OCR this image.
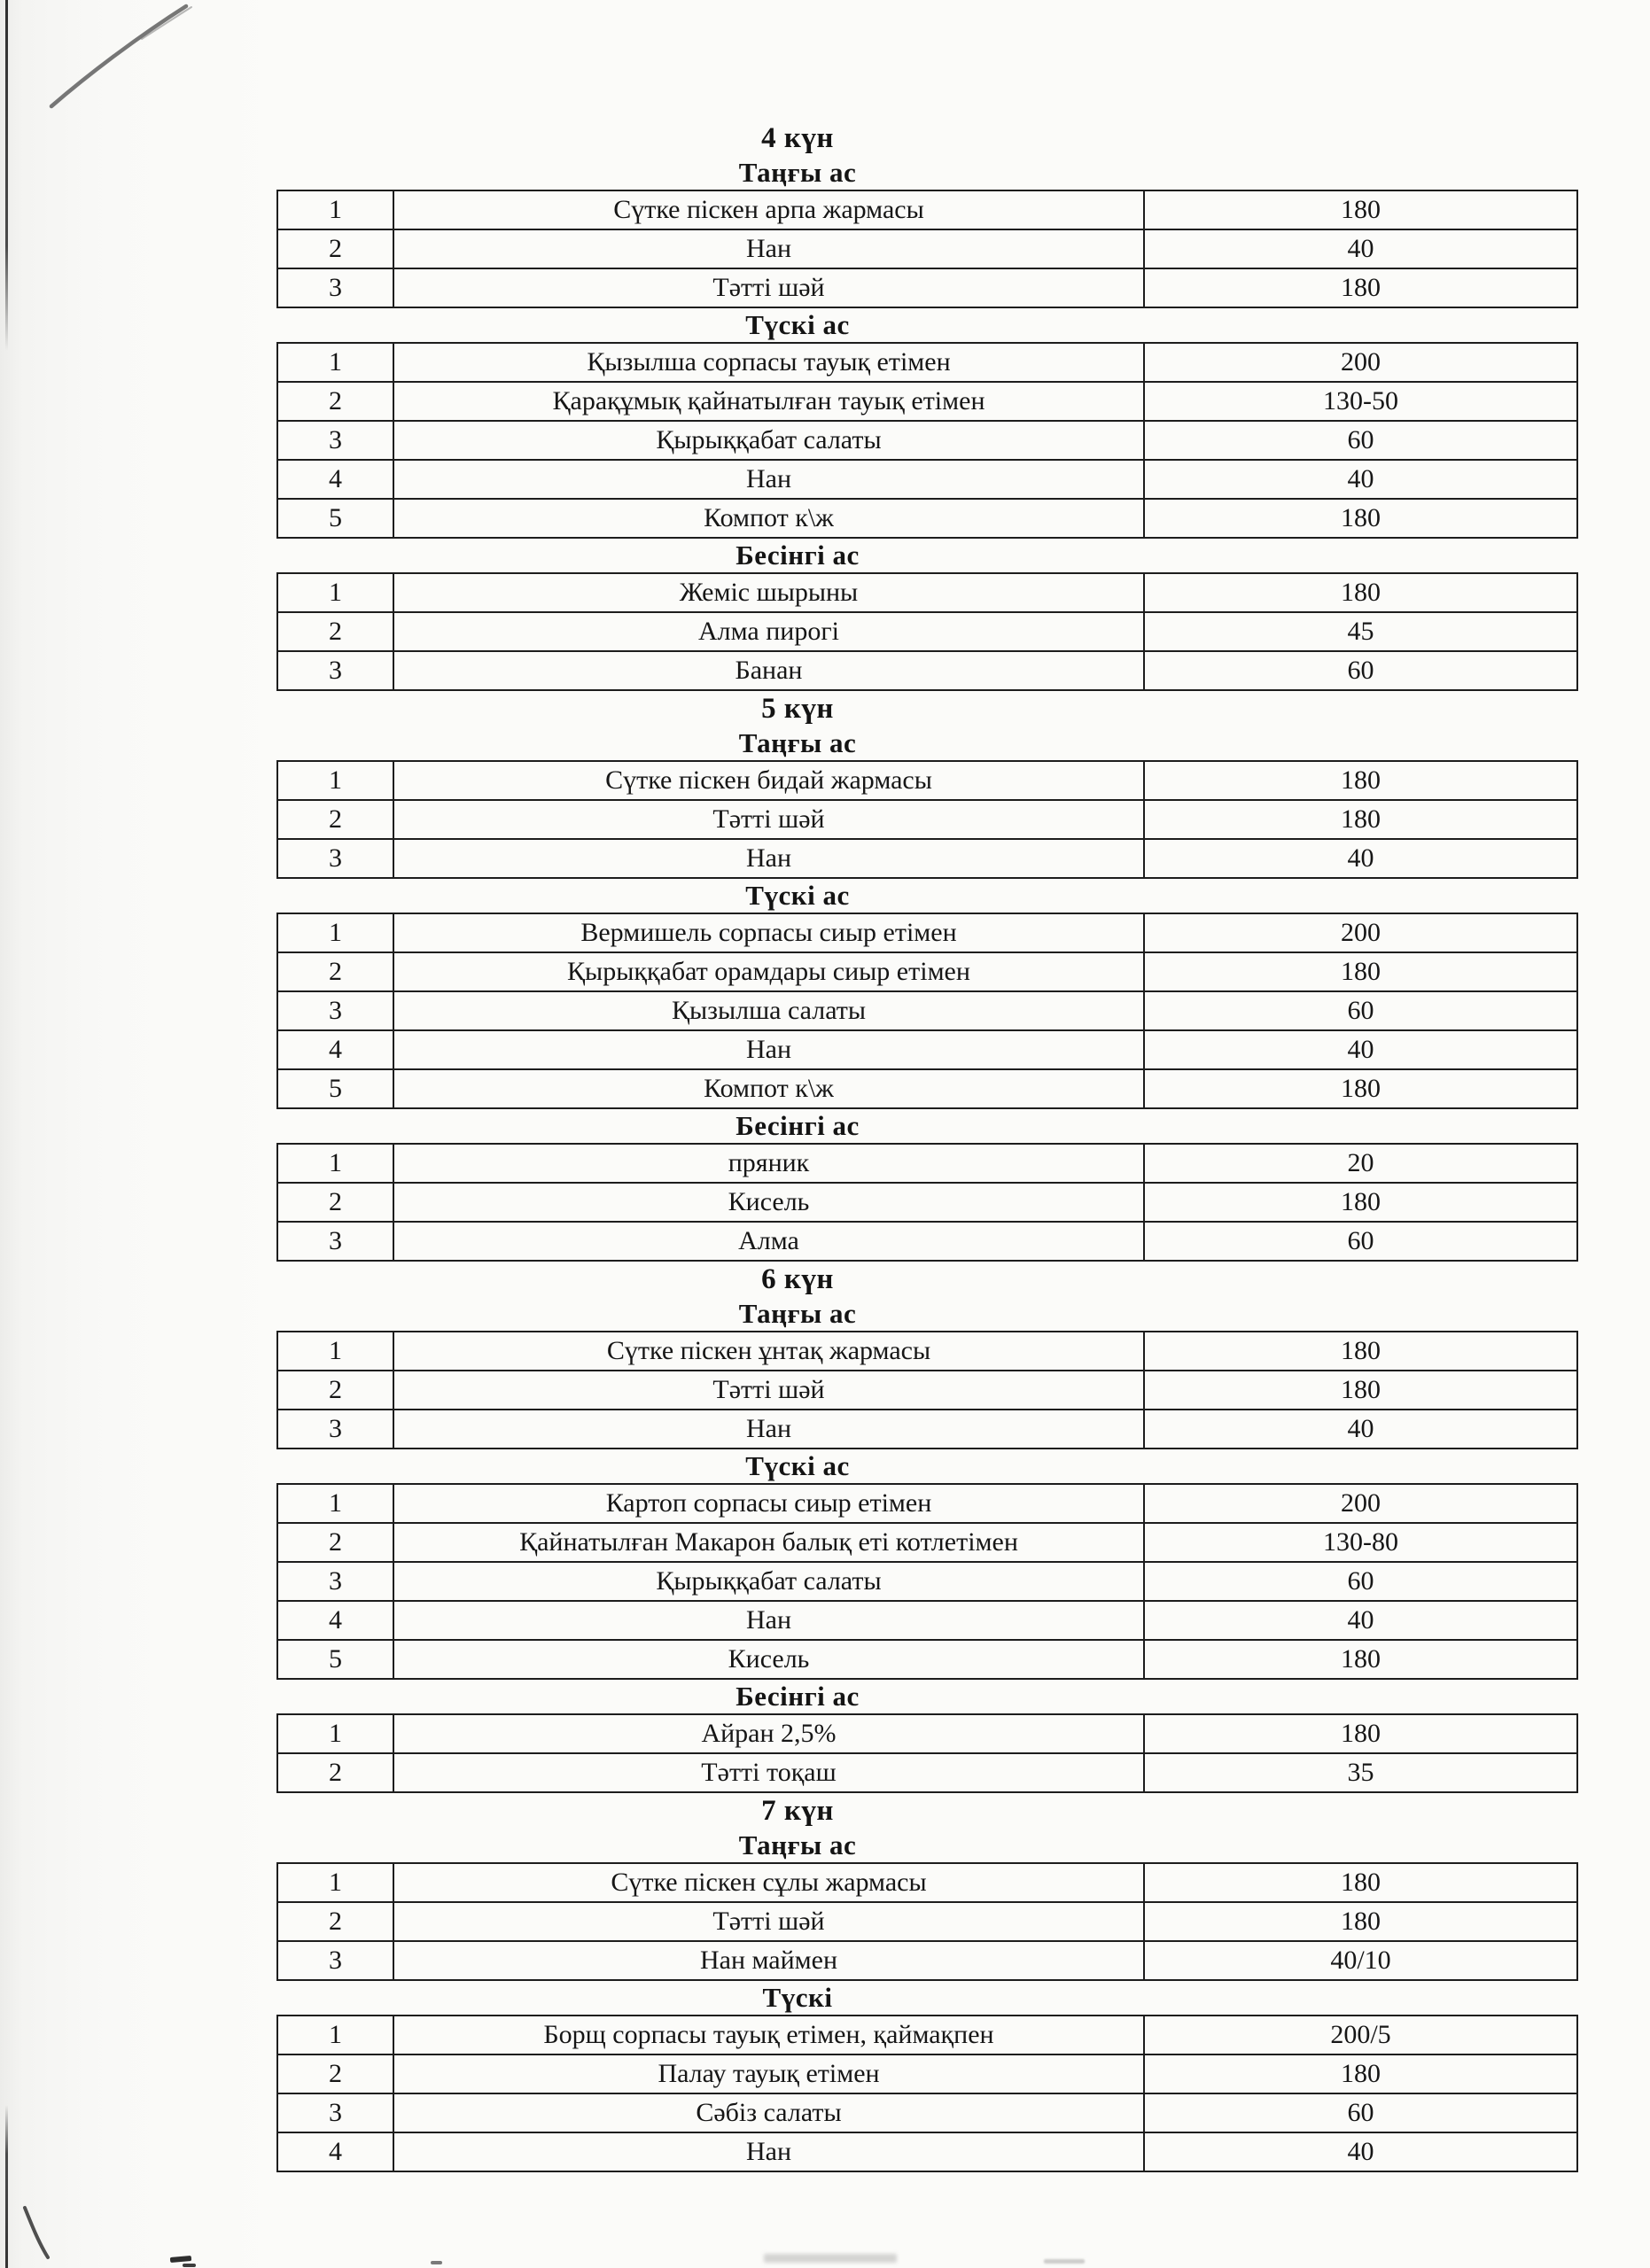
4 күн
Таңғы ас
1	Сүтке піскен арпа жармасы	180
2	Нан	40
3	Тәтті шәй	180
Түскі ас
1	Қызылша сорпасы тауық етімен	200
2	Қарақұмық қайнатылған тауық етімен	130-50
3	Қырыққабат салаты	60
4	Нан	40
5	Компот к\ж	180
Бесінгі ас
1	Жеміс шырыны	180
2	Алма пирогі	45
3	Банан	60
5 күн
Таңғы ас
1	Сүтке піскен бидай жармасы	180
2	Тәтті шәй	180
3	Нан	40
Түскі ас
1	Вермишель сорпасы сиыр етімен	200
2	Қырыққабат орамдары сиыр етімен	180
3	Қызылша салаты	60
4	Нан	40
5	Компот к\ж	180
Бесінгі ас
1	пряник	20
2	Кисель	180
3	Алма	60
6 күн
Таңғы ас
1	Сүтке піскен ұнтақ жармасы	180
2	Тәтті шәй	180
3	Нан	40
Түскі ас
1	Картоп сорпасы сиыр етімен	200
2	Қайнатылған Макарон балық еті котлетімен	130-80
3	Қырыққабат салаты	60
4	Нан	40
5	Кисель	180
Бесінгі ас
1	Айран 2,5%	180
2	Тәтті тоқаш	35
7 күн
Таңғы ас
1	Сүтке піскен сұлы жармасы	180
2	Тәтті шәй	180
3	Нан маймен	40/10
Түскі
1	Борщ сорпасы тауық етімен, қаймақпен	200/5
2	Палау тауық етімен	180
3	Сәбіз салаты	60
4	Нан	40
